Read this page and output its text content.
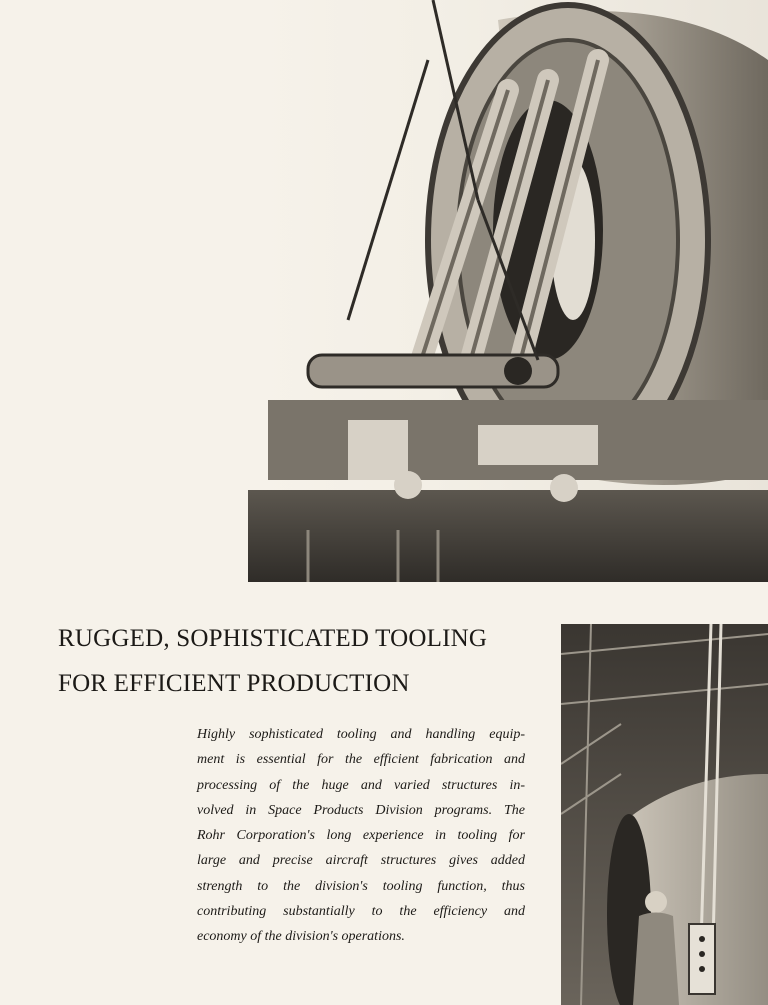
RUGGED, SOPHISTICATED TOOLING
FOR EFFICIENT PRODUCTION

Highly sophisticated tooling and handling equip-
ment is essential for the efficient fabrication and
processing of the huge and varied structures in-
volved in Space Products Division programs. The
Rohr Corporation's long experience in tooling for
large and precise aircraft structures gives added
strength to the division's tooling function, thus
contributing substantially to the efficiency and
economy of the division's operations.
